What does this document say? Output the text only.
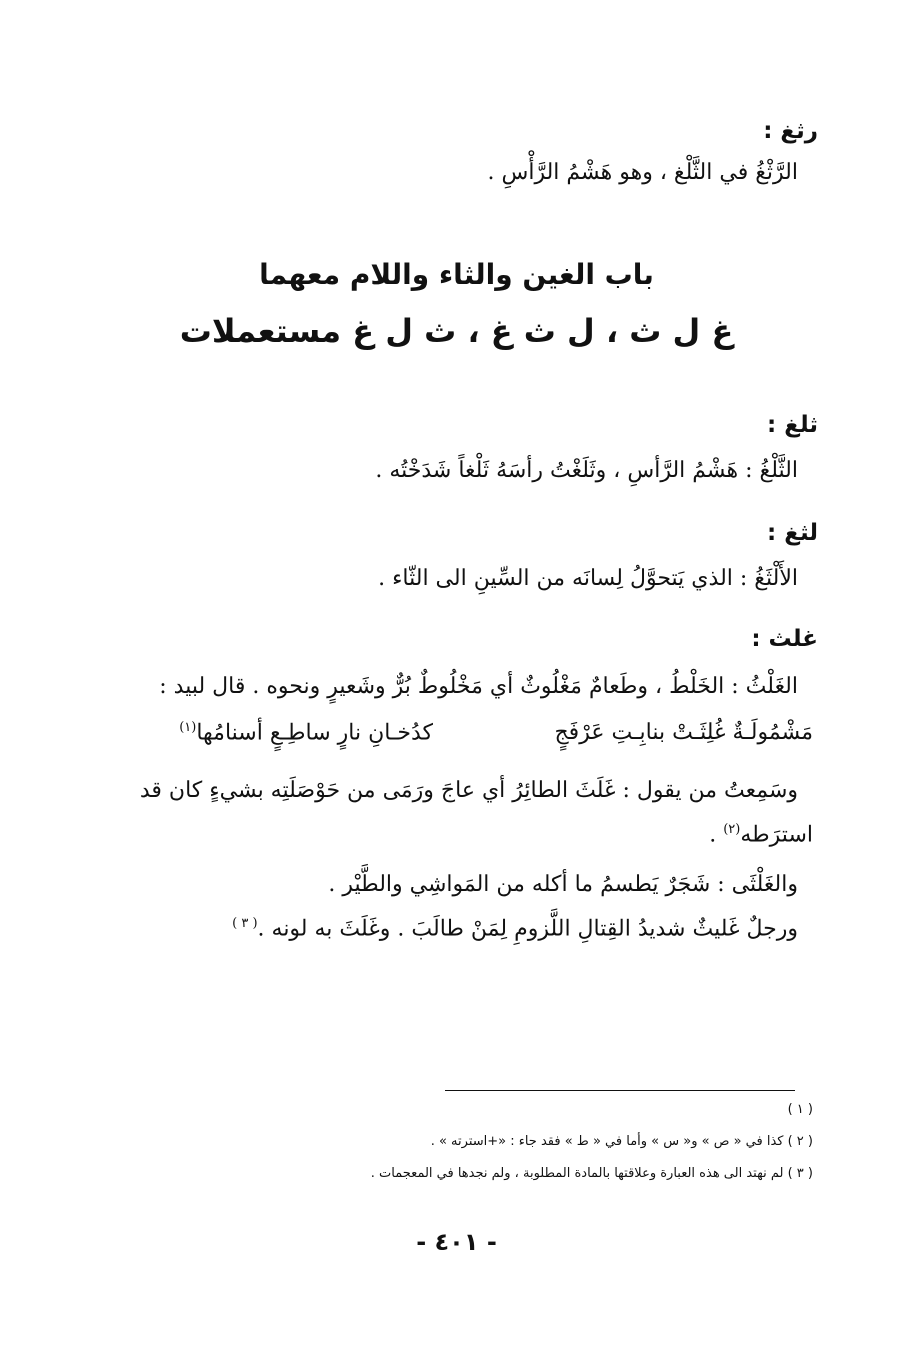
رثغ :
الرَّثْغُ في الثَّلْغ ، وهو هَشْمُ الرَّأْسِ .
باب الغين والثاء واللام معهما
غ ل ث ، ل ث غ ، ث ل غ مستعملات
ثلغ :
الثَّلْغُ : هَشْمُ الرَّأسِ ، وثَلَغْتُ رأسَهُ ثَلْغاً شَدَخْتُه .
لثغ :
الأَلْثَغُ : الذي يَتحوَّلُ لِسانَه من السِّينِ الى الثّاء .
غلث :
الغَلْثُ : الخَلْطُ ، وطَعامٌ مَغْلُوثٌ أي مَخْلُوطٌ بُرٌّ وشَعيرٍ ونحوه . قال لبيد :
مَشْمُولَـةٌ غُلِثَـتْ بنابِـتِ عَرْفَجٍ
كدُخـانِ نارٍ ساطِـعٍ أسنامُها$^{(١)}$
وسَمِعتُ من يقول : غَلَثَ الطائِرُ أي عاجَ ورَمَى من حَوْصَلَتِه بشيءٍ كان قد
استرَطه$^{(٢)}$ .
والغَلْثَى : شَجَرٌ يَطسمُ ما أكله من المَواشِي والطَّيْر .
ورجلٌ غَليثٌ شديدُ القِتالِ اللَّزومِ لِمَنْ طالَبَ . وغَلَثَ به لونه .$^{( ٣ )}$
( ١ )
( ٢ ) كذا في « ص » و« س » وأما في « ط » فقد جاء : «+استرته » .
( ٣ ) لم نهتد الى هذه العبارة وعلاقتها بالمادة المطلوبة ، ولم نجدها في المعجمات .
- ٤٠١ -
